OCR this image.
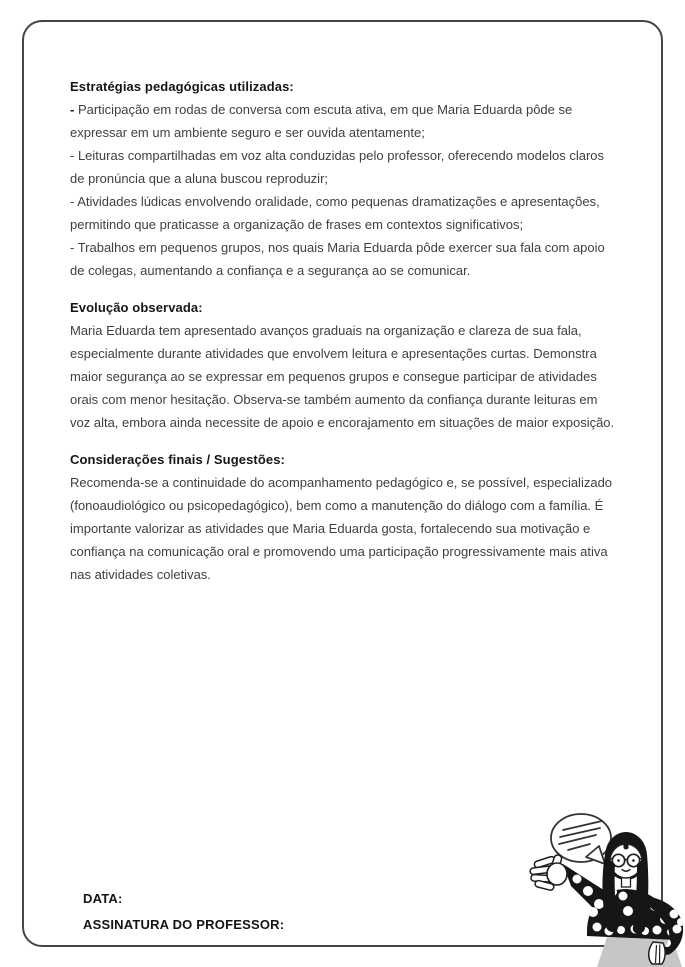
Estratégias pedagógicas utilizadas:
- Participação em rodas de conversa com escuta ativa, em que Maria Eduarda pôde se
expressar em um ambiente seguro e ser ouvida atentamente;
- Leituras compartilhadas em voz alta conduzidas pelo professor, oferecendo modelos claros
de pronúncia que a aluna buscou reproduzir;
- Atividades lúdicas envolvendo oralidade, como pequenas dramatizações e apresentações,
permitindo que praticasse a organização de frases em contextos significativos;
- Trabalhos em pequenos grupos, nos quais Maria Eduarda pôde exercer sua fala com apoio
de colegas, aumentando a confiança e a segurança ao se comunicar.
Evolução observada:
Maria Eduarda tem apresentado avanços graduais na organização e clareza de sua fala,
especialmente durante atividades que envolvem leitura e apresentações curtas. Demonstra
maior segurança ao se expressar em pequenos grupos e consegue participar de atividades
orais com menor hesitação. Observa-se também aumento da confiança durante leituras em
voz alta, embora ainda necessite de apoio e encorajamento em situações de maior exposição.
Considerações finais / Sugestões:
Recomenda-se a continuidade do acompanhamento pedagógico e, se possível, especializado
(fonoaudiológico ou psicopedagógico), bem como a manutenção do diálogo com a família. É
importante valorizar as atividades que Maria Eduarda gosta, fortalecendo sua motivação e
confiança na comunicação oral e promovendo uma participação progressivamente mais ativa
nas atividades coletivas.
DATA:
ASSINATURA DO PROFESSOR:
